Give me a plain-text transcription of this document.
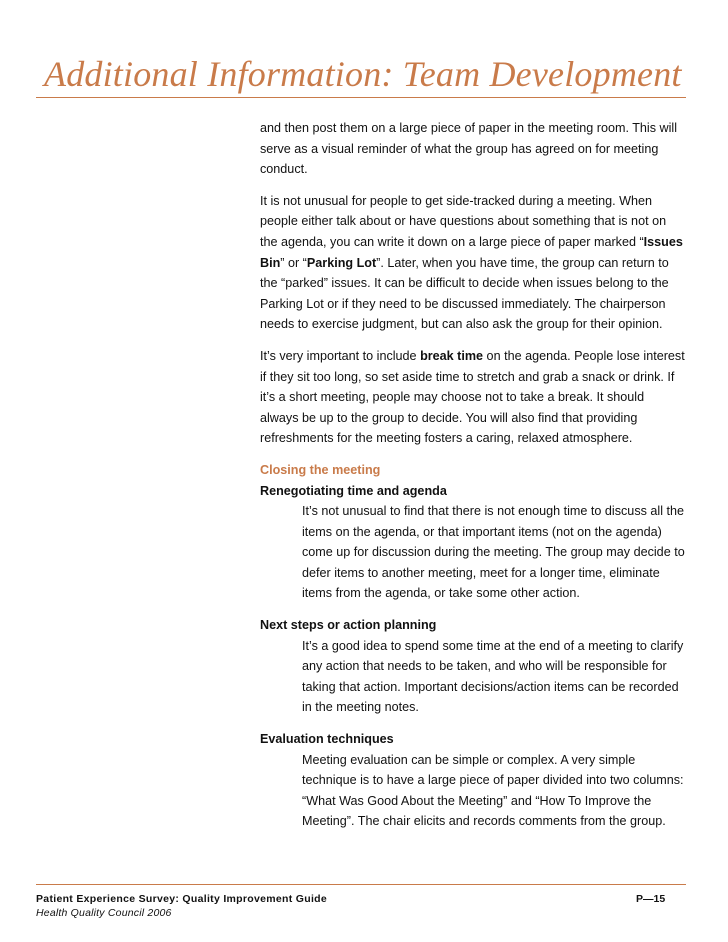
Additional Information: Team Development

and then post them on a large piece of paper in the meeting room. This will serve as a visual reminder of what the group has agreed on for meeting conduct.

It is not unusual for people to get side-tracked during a meeting. When people either talk about or have questions about something that is not on the agenda, you can write it down on a large piece of paper marked “Issues Bin” or “Parking Lot”. Later, when you have time, the group can return to the “parked” issues. It can be difficult to decide when issues belong to the Parking Lot or if they need to be discussed immediately. The chairperson needs to exercise judgment, but can also ask the group for their opinion.

It’s very important to include break time on the agenda. People lose interest if they sit too long, so set aside time to stretch and grab a snack or drink. If it’s a short meeting, people may choose not to take a break. It should always be up to the group to decide. You will also find that providing refreshments for the meeting fosters a caring, relaxed atmosphere.

Closing the meeting
Renegotiating time and agenda

It’s not unusual to find that there is not enough time to discuss all the items on the agenda, or that important items (not on the agenda) come up for discussion during the meeting. The group may decide to defer items to another meeting, meet for a longer time, eliminate items from the agenda, or take some other action.

Next steps or action planning

It’s a good idea to spend some time at the end of a meeting to clarify any action that needs to be taken, and who will be responsible for taking that action. Important decisions/action items can be recorded in the meeting notes.

Evaluation techniques

Meeting evaluation can be simple or complex. A very simple technique is to have a large piece of paper divided into two columns: “What Was Good About the Meeting” and “How To Improve the Meeting”. The chair elicits and records comments from the group.

Patient Experience Survey: Quality Improvement Guide
Health Quality Council 2006
P—15
